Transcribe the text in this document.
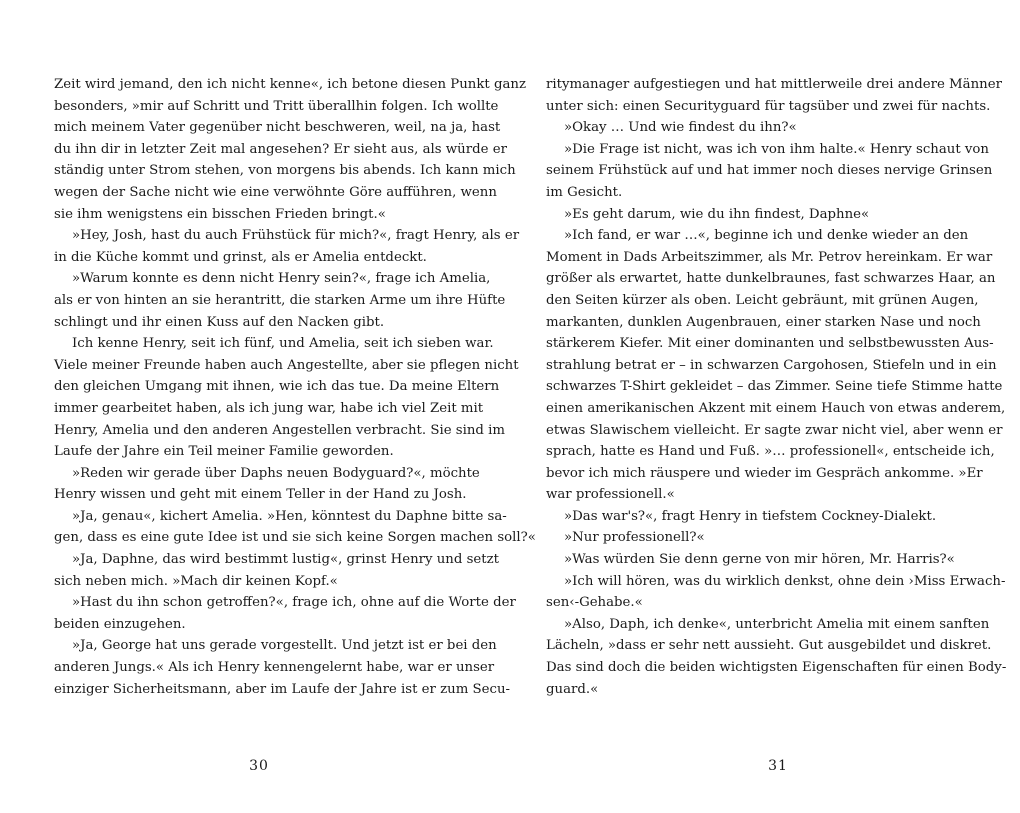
Zeit wird jemand, den ich nicht kenne«, ich betone diesen Punkt ganz
besonders, »mir auf Schritt und Tritt überallhin folgen. Ich wollte
mich meinem Vater gegenüber nicht beschweren, weil, na ja, hast
du ihn dir in letzter Zeit mal angesehen? Er sieht aus, als würde er
ständig unter Strom stehen, von morgens bis abends. Ich kann mich
wegen der Sache nicht wie eine verwöhnte Göre aufführen, wenn
sie ihm wenigstens ein bisschen Frieden bringt.«
»Hey, Josh, hast du auch Frühstück für mich?«, fragt Henry, als er
in die Küche kommt und grinst, als er Amelia entdeckt.
»Warum konnte es denn nicht Henry sein?«, frage ich Amelia,
als er von hinten an sie herantritt, die starken Arme um ihre Hüfte
schlingt und ihr einen Kuss auf den Nacken gibt.
Ich kenne Henry, seit ich fünf, und Amelia, seit ich sieben war.
Viele meiner Freunde haben auch Angestellte, aber sie pflegen nicht
den gleichen Umgang mit ihnen, wie ich das tue. Da meine Eltern
immer gearbeitet haben, als ich jung war, habe ich viel Zeit mit
Henry, Amelia und den anderen Angestellen verbracht. Sie sind im
Laufe der Jahre ein Teil meiner Familie geworden.
»Reden wir gerade über Daphs neuen Bodyguard?«, möchte
Henry wissen und geht mit einem Teller in der Hand zu Josh.
»Ja, genau«, kichert Amelia. »Hen, könntest du Daphne bitte sa-
gen, dass es eine gute Idee ist und sie sich keine Sorgen machen soll?«
»Ja, Daphne, das wird bestimmt lustig«, grinst Henry und setzt
sich neben mich. »Mach dir keinen Kopf.«
»Hast du ihn schon getroffen?«, frage ich, ohne auf die Worte der
beiden einzugehen.
»Ja, George hat uns gerade vorgestellt. Und jetzt ist er bei den
anderen Jungs.« Als ich Henry kennengelernt habe, war er unser
einziger Sicherheitsmann, aber im Laufe der Jahre ist er zum Secu-
ritymanager aufgestiegen und hat mittlerweile drei andere Männer
unter sich: einen Securityguard für tagsüber und zwei für nachts.
»Okay … Und wie findest du ihn?«
»Die Frage ist nicht, was ich von ihm halte.« Henry schaut von
seinem Frühstück auf und hat immer noch dieses nervige Grinsen
im Gesicht.
»Es geht darum, wie du ihn findest, Daphne«
»Ich fand, er war …«, beginne ich und denke wieder an den
Moment in Dads Arbeitszimmer, als Mr. Petrov hereinkam. Er war
größer als erwartet, hatte dunkelbraunes, fast schwarzes Haar, an
den Seiten kürzer als oben. Leicht gebräunt, mit grünen Augen,
markanten, dunklen Augenbrauen, einer starken Nase und noch
stärkerem Kiefer. Mit einer dominanten und selbstbewussten Aus-
strahlung betrat er – in schwarzen Cargohosen, Stiefeln und in ein
schwarzes T-Shirt gekleidet – das Zimmer. Seine tiefe Stimme hatte
einen amerikanischen Akzent mit einem Hauch von etwas anderem,
etwas Slawischem vielleicht. Er sagte zwar nicht viel, aber wenn er
sprach, hatte es Hand und Fuß. »… professionell«, entscheide ich,
bevor ich mich räuspere und wieder im Gespräch ankomme. »Er
war professionell.«
»Das war's?«, fragt Henry in tiefstem Cockney-Dialekt.
»Nur professionell?«
»Was würden Sie denn gerne von mir hören, Mr. Harris?«
»Ich will hören, was du wirklich denkst, ohne dein ›Miss Erwach-
sen‹-Gehabe.«
»Also, Daph, ich denke«, unterbricht Amelia mit einem sanften
Lächeln, »dass er sehr nett aussieht. Gut ausgebildet und diskret.
Das sind doch die beiden wichtigsten Eigenschaften für einen Body-
guard.«
30	31
